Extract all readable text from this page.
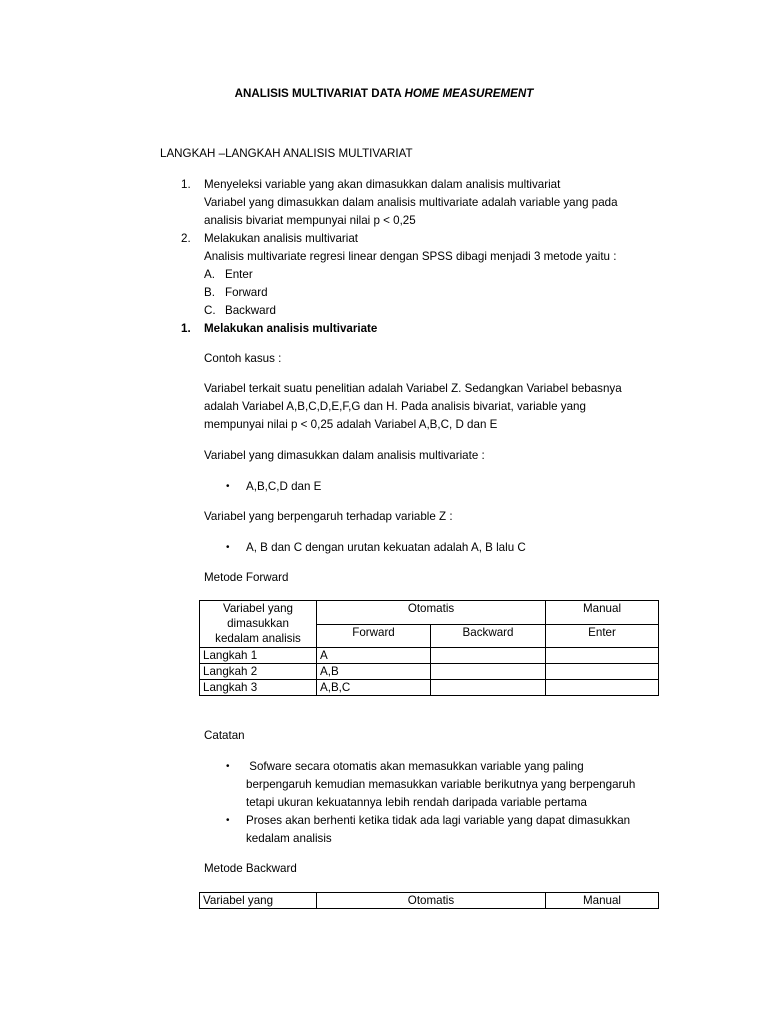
ANALISIS MULTIVARIAT DATA HOME MEASUREMENT
LANGKAH –LANGKAH ANALISIS MULTIVARIAT
1.	Menyeleksi variable yang akan dimasukkan dalam analisis multivariat
Variabel yang dimasukkan dalam analisis multivariate adalah variable yang pada
analisis bivariat mempunyai nilai p < 0,25
2.	Melakukan analisis multivariat
Analisis multivariate regresi linear dengan SPSS dibagi menjadi 3 metode yaitu :
A. Enter
B. Forward
C. Backward
1.	Melakukan analisis multivariate
Contoh kasus :
Variabel terkait suatu penelitian adalah Variabel Z. Sedangkan Variabel bebasnya
adalah Variabel A,B,C,D,E,F,G dan H. Pada analisis bivariat, variable yang
mempunyai nilai p < 0,25 adalah Variabel A,B,C, D dan E
Variabel yang dimasukkan dalam analisis multivariate :
• A,B,C,D dan E
Variabel yang berpengaruh terhadap variable Z :
• A, B dan C dengan urutan kekuatan adalah A, B lalu C
Metode Forward
Variabel yang
dimasukkan
kedalam analisis	Otomatis		Manual
	Forward	Backward	Enter
Langkah 1	A		
Langkah 2	A,B		
Langkah 3	A,B,C		
Catatan
• Sofware secara otomatis akan memasukkan variable yang paling
berpengaruh kemudian memasukkan variable berikutnya yang berpengaruh
tetapi ukuran kekuatannya lebih rendah daripada variable pertama
• Proses akan berhenti ketika tidak ada lagi variable yang dapat dimasukkan
kedalam analisis
Metode Backward
Variabel yang	Otomatis	Manual
